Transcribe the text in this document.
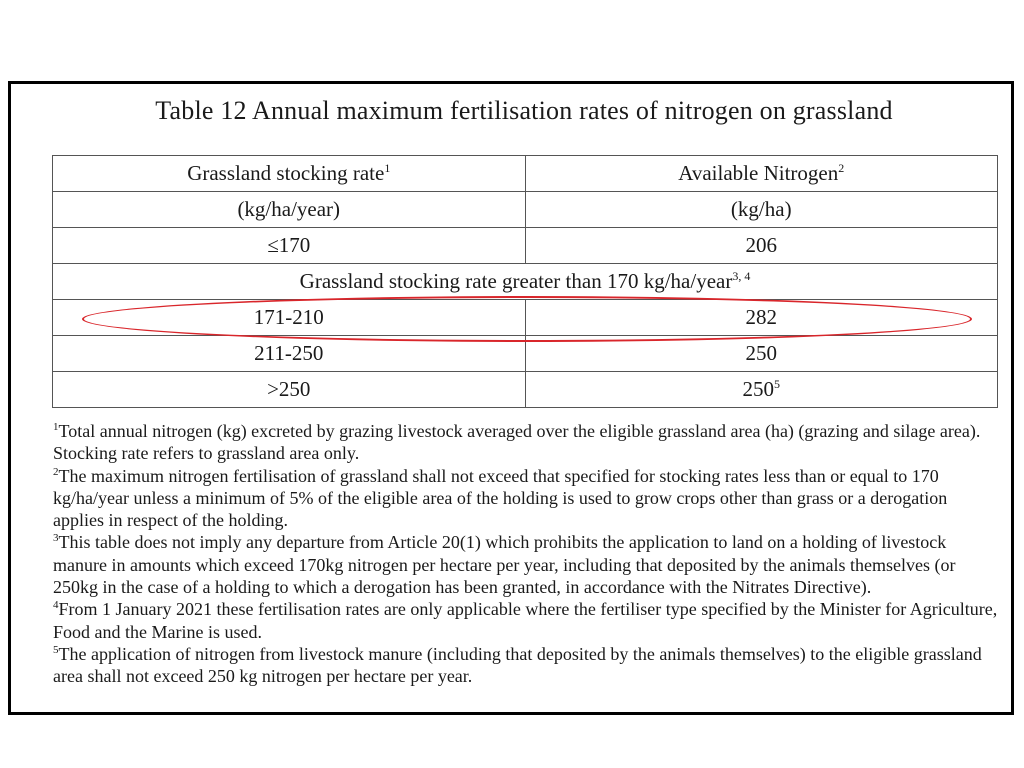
Table 12 Annual maximum fertilisation rates of nitrogen on grassland
Grassland stocking rate$^1$	Available Nitrogen$^2$
(kg/ha/year)	(kg/ha)
≤170	206
Grassland stocking rate greater than 170 kg/ha/year$^{3, 4}$
171-210	282
211-250	250
>250	$250^5$

$^1$Total annual nitrogen (kg) excreted by grazing livestock averaged over the eligible grassland area (ha) (grazing and silage area). Stocking rate refers to grassland area only.

$^2$The maximum nitrogen fertilisation of grassland shall not exceed that specified for stocking rates less than or equal to 170 kg/ha/year unless a minimum of 5% of the eligible area of the holding is used to grow crops other than grass or a derogation applies in respect of the holding.

$^3$This table does not imply any departure from Article 20(1) which prohibits the application to land on a holding of livestock manure in amounts which exceed 170kg nitrogen per hectare per year, including that deposited by the animals themselves (or 250kg in the case of a holding to which a derogation has been granted, in accordance with the Nitrates Directive).

$^4$From 1 January 2021 these fertilisation rates are only applicable where the fertiliser type specified by the Minister for Agriculture, Food and the Marine is used.

$^5$The application of nitrogen from livestock manure (including that deposited by the animals themselves) to the eligible grassland area shall not exceed 250 kg nitrogen per hectare per year.
